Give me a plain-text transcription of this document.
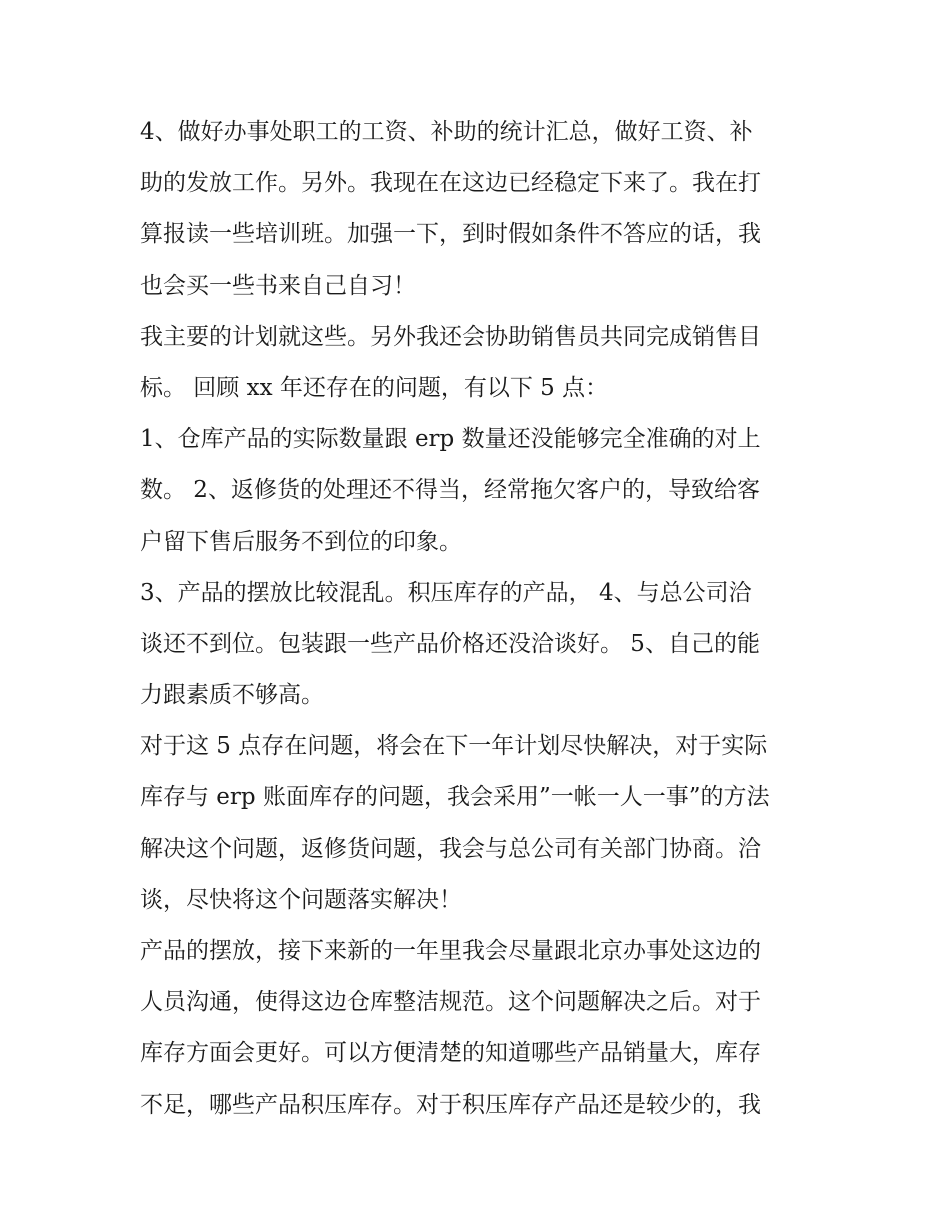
4、做好办事处职工的工资、补助的统计汇总，做好工资、补
助的发放工作。另外。我现在在这边已经稳定下来了。我在打
算报读一些培训班。加强一下，到时假如条件不答应的话，我
也会买一些书来自己自习！
我主要的计划就这些。另外我还会协助销售员共同完成销售目
标。 回顾 xx 年还存在的问题，有以下 5 点：
1、仓库产品的实际数量跟 erp 数量还没能够完全准确的对上
数。 2、返修货的处理还不得当，经常拖欠客户的，导致给客
户留下售后服务不到位的印象。
3、产品的摆放比较混乱。积压库存的产品， 4、与总公司洽
谈还不到位。包装跟一些产品价格还没洽谈好。 5、自己的能
力跟素质不够高。
对于这 5 点存在问题，将会在下一年计划尽快解决，对于实际
库存与 erp 账面库存的问题，我会采用”一帐一人一事”的方法
解决这个问题，返修货问题，我会与总公司有关部门协商。洽
谈，尽快将这个问题落实解决！
产品的摆放，接下来新的一年里我会尽量跟北京办事处这边的
人员沟通，使得这边仓库整洁规范。这个问题解决之后。对于
库存方面会更好。可以方便清楚的知道哪些产品销量大，库存
不足，哪些产品积压库存。对于积压库存产品还是较少的，我
